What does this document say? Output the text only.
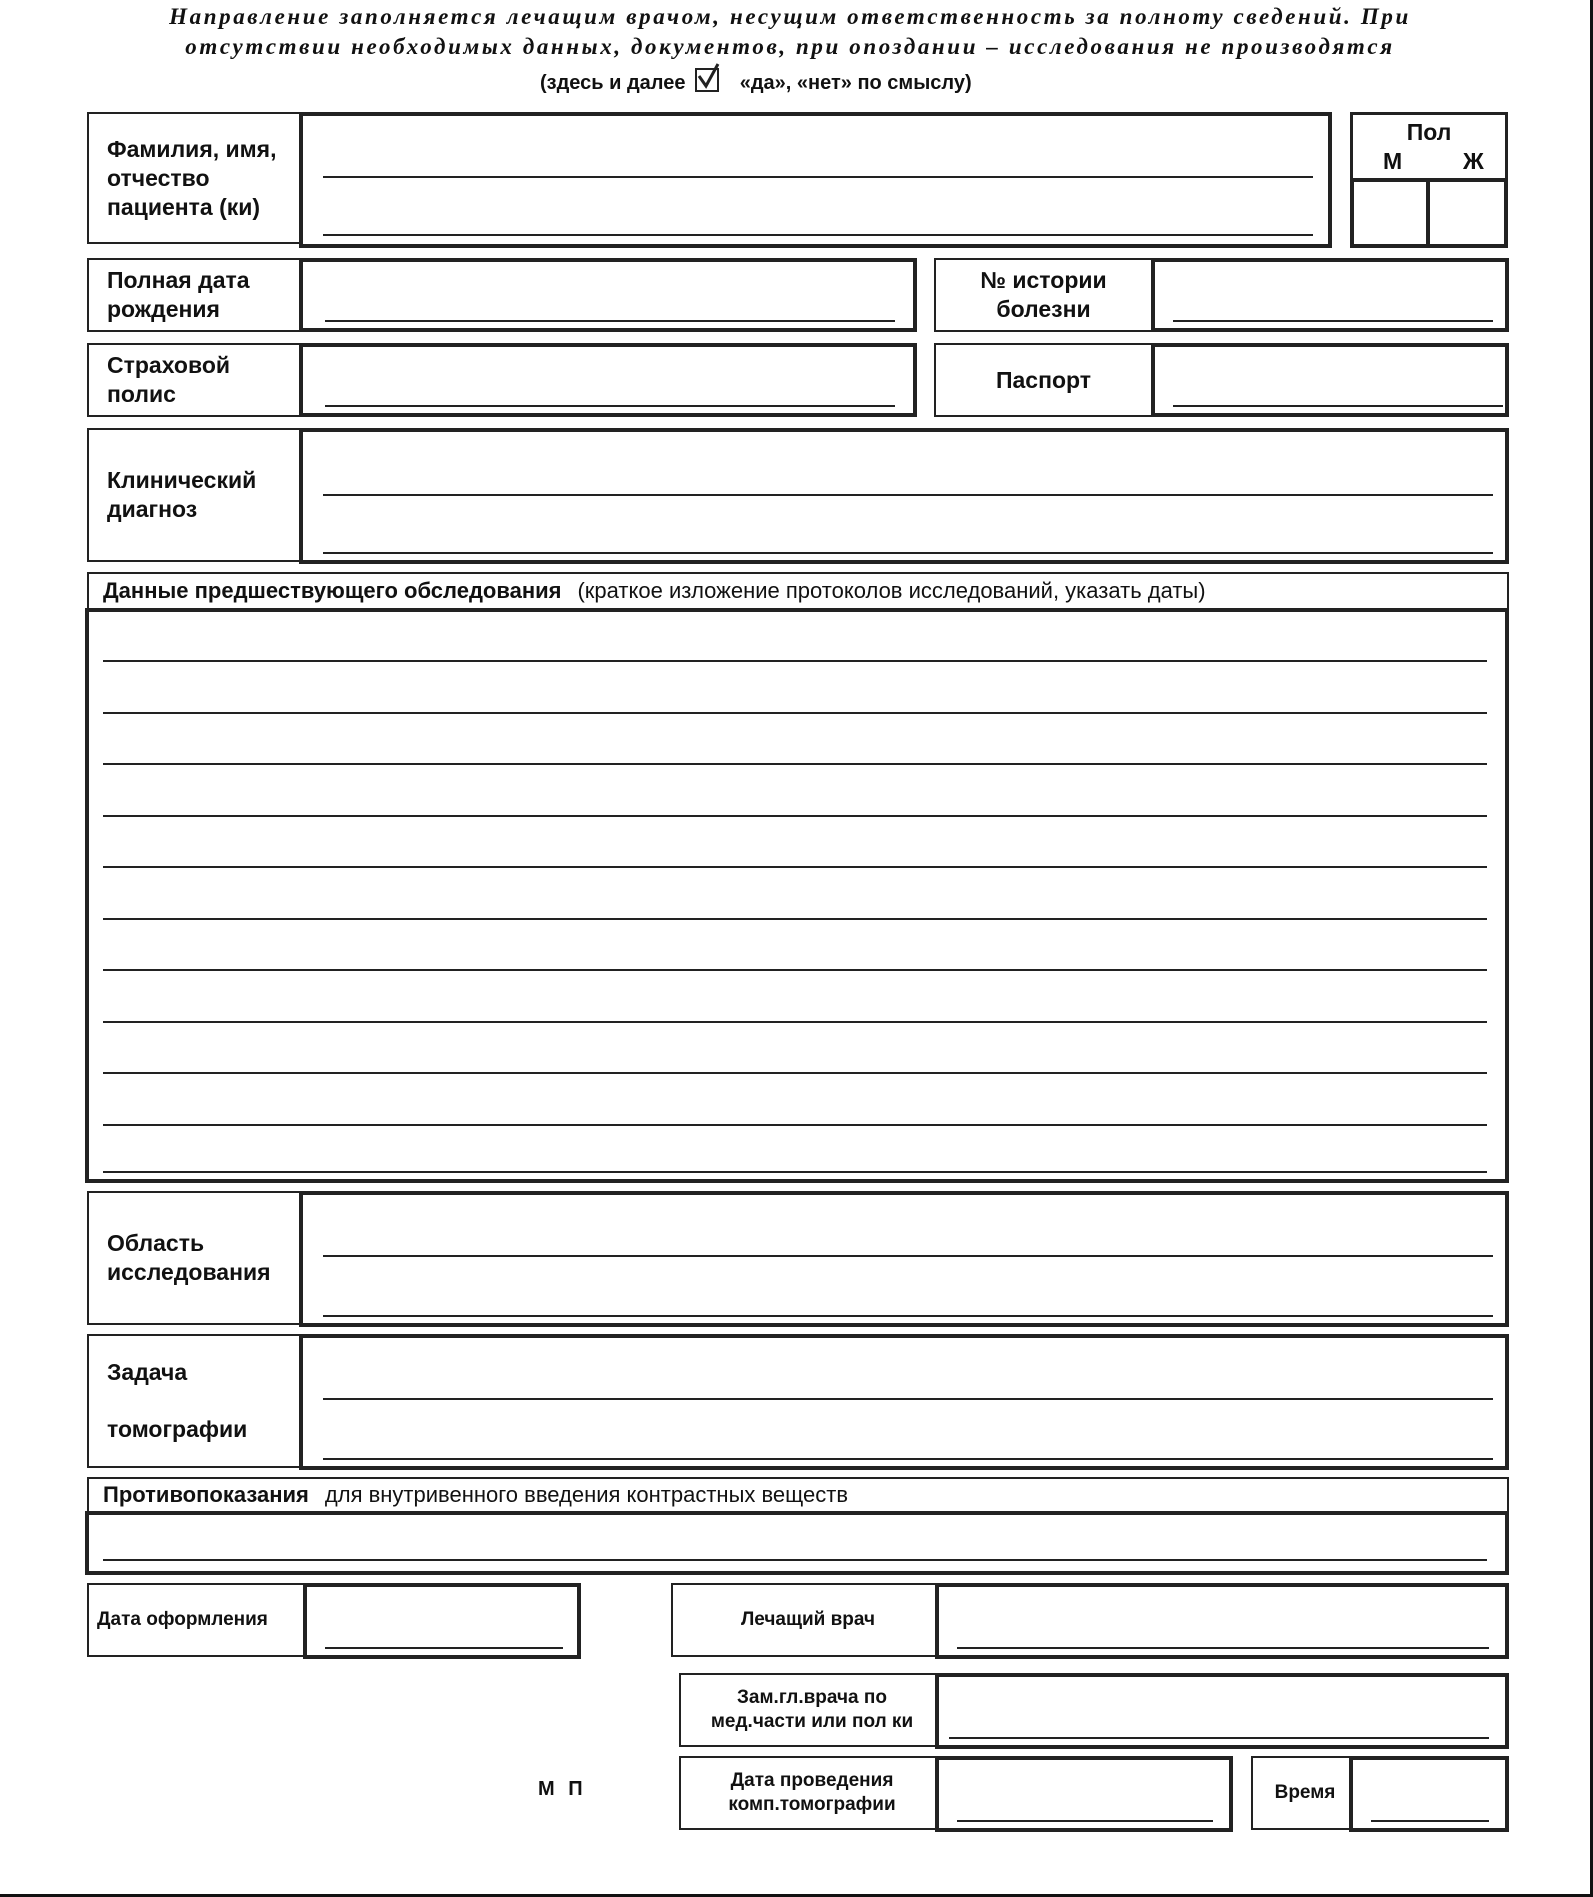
Направление заполняется лечащим врачом, несущим ответственность за полноту сведений. При
отсутствии необходимых данных, документов, при опоздании – исследования не производятся
(здесь и далее	«да», «нет» по смыслу)
Фамилия, имя, отчество пациента (ки)
Пол
М	Ж
Полная дата рождения
№ истории болезни
Страховой полис
Паспорт
Клинический диагноз
Данные предшествующего обследования (краткое изложение протоколов исследований, указать даты)
Область исследования
Задача
томографии
Противопоказания для внутривенного введения контрастных веществ
Дата оформления	Лечащий врач
Зам.гл.врача по мед.части или пол ки
М П	Дата проведения комп.томографии
Время
